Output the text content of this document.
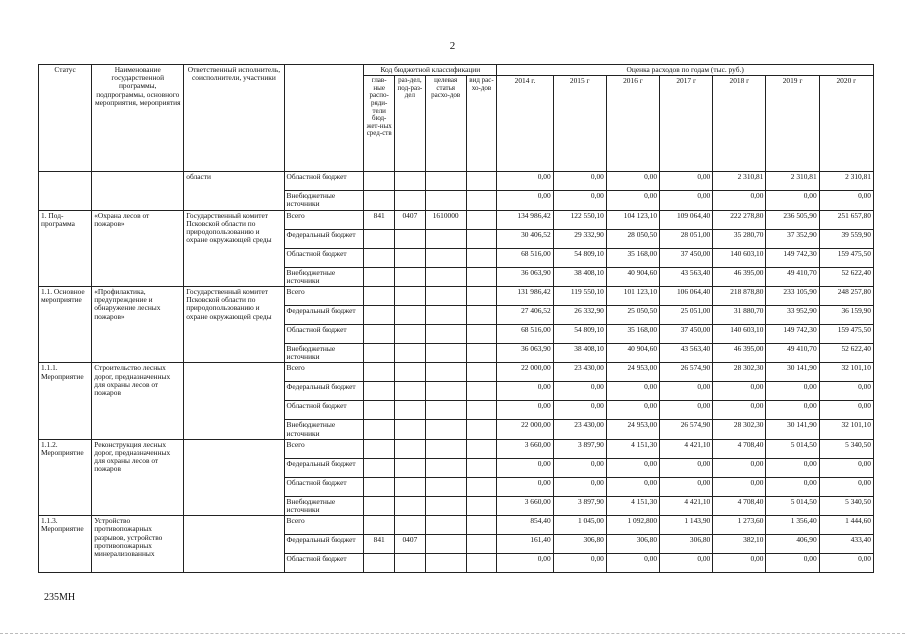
2
Статус	Наименование государственной программы, подпрограммы, основного мероприятия, мероприятия	Ответственный исполнитель, соисполнители, участники		Код бюджетной классификации				Оценка расходов по годам (тыс. руб.)						
				глав-ные распо-ряди-тели бюд-жет-ных сред-ств	раз-дел, под-раз-дел	целевая статья расхо-дов	вид рас-хо-дов	2014 г.	2015 г	2016 г	2017 г	2018 г	2019 г	2020 г
		области	Областной бюджет					0,00	0,00	0,00	0,00	2 310,81	2 310,81	2 310,81
			Внебюджетные источники					0,00	0,00	0,00	0,00	0,00	0,00	0,00
1. Под-программа	«Охрана лесов от пожаров»	Государственный комитет Псковской области по природопользованию и охране окружающей среды	Всего	841	0407	1610000		134 986,42	122 550,10	104 123,10	109 064,40	222 278,80	236 505,90	251 657,80
			Федеральный бюджет					30 406,52	29 332,90	28 050,50	28 051,00	35 280,70	37 352,90	39 559,90
			Областной бюджет					68 516,00	54 809,10	35 168,00	37 450,00	140 603,10	149 742,30	159 475,50
			Внебюджетные источники					36 063,90	38 408,10	40 904,60	43 563,40	46 395,00	49 410,70	52 622,40
1.1. Основное мероприятие	«Профилактика, предупреждение и обнаружение лесных пожаров»	Государственный комитет Псковской области по природопользованию и охране окружающей среды	Всего					131 986,42	119 550,10	101 123,10	106 064,40	218 878,80	233 105,90	248 257,80
			Федеральный бюджет					27 406,52	26 332,90	25 050,50	25 051,00	31 880,70	33 952,90	36 159,90
			Областной бюджет					68 516,00	54 809,10	35 168,00	37 450,00	140 603,10	149 742,30	159 475,50
			Внебюджетные источники					36 063,90	38 408,10	40 904,60	43 563,40	46 395,00	49 410,70	52 622,40
1.1.1. Мероприятие	Строительство лесных дорог, предназначенных для охраны лесов от пожаров		Всего					22 000,00	23 430,00	24 953,00	26 574,90	28 302,30	30 141,90	32 101,10
			Федеральный бюджет					0,00	0,00	0,00	0,00	0,00	0,00	0,00
			Областной бюджет					0,00	0,00	0,00	0,00	0,00	0,00	0,00
			Внебюджетные источники					22 000,00	23 430,00	24 953,00	26 574,90	28 302,30	30 141,90	32 101,10
1.1.2. Мероприятие	Реконструкция лесных дорог, предназначенных для охраны лесов от пожаров		Всего					3 660,00	3 897,90	4 151,30	4 421,10	4 708,40	5 014,50	5 340,50
			Федеральный бюджет					0,00	0,00	0,00	0,00	0,00	0,00	0,00
			Областной бюджет					0,00	0,00	0,00	0,00	0,00	0,00	0,00
			Внебюджетные источники					3 660,00	3 897,90	4 151,30	4 421,10	4 708,40	5 014,50	5 340,50
1.1.3. Мероприятие	Устройство противопожарных разрывов, устройство противопожарных минерализованных		Всего					854,40	1 045,00	1 092,800	1 143,90	1 273,60	1 356,40	1 444,60
			Федеральный бюджет	841	0407			161,40	306,80	306,80	306,80	382,10	406,90	433,40
			Областной бюджет					0,00	0,00	0,00	0,00	0,00	0,00	0,00
235МН
